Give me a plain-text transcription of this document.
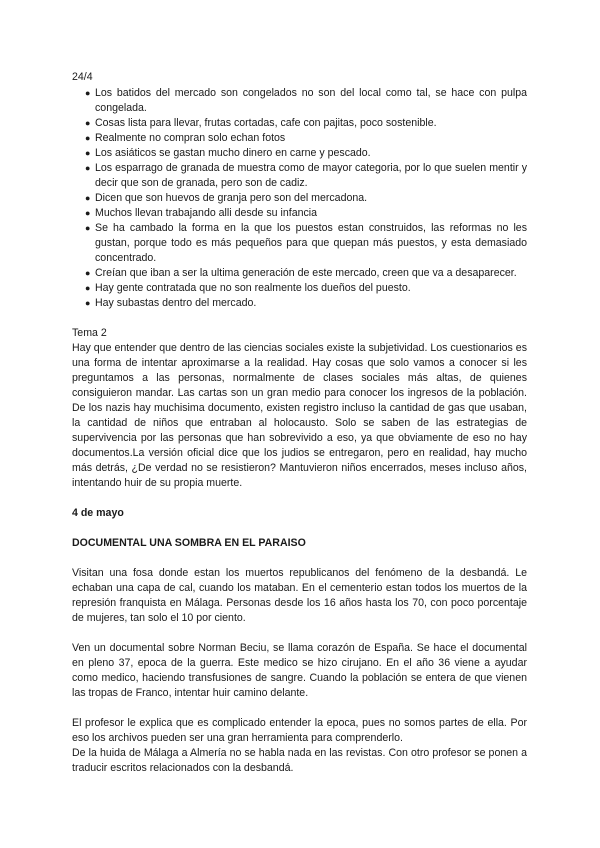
24/4

● Los batidos del mercado son congelados no son del local como tal, se hace con pulpa congelada.
● Cosas lista para llevar, frutas cortadas, cafe con pajitas, poco sostenible.
● Realmente no compran solo echan fotos
● Los asiáticos se gastan mucho dinero en carne y pescado.
● Los esparrago de granada de muestra como de mayor categoria, por lo que suelen mentir y decir que son de granada, pero son de cadiz.
● Dicen que son huevos de granja pero son del mercadona.
● Muchos llevan trabajando alli desde su infancia
● Se ha cambado la forma en la que los puestos estan construidos, las reformas no les gustan, porque todo es más pequeños para que quepan más puestos, y esta demasiado concentrado.
● Creían que iban a ser la ultima generación de este mercado, creen que va a desaparecer.
● Hay gente contratada que no son realmente los dueños del puesto.
● Hay subastas dentro del mercado.

Tema 2

Hay que entender que dentro de las ciencias sociales existe la subjetividad. Los cuestionarios es una forma de intentar aproximarse a la realidad. Hay cosas que solo vamos a conocer si les preguntamos a las personas, normalmente de clases sociales más altas, de quienes consiguieron mandar. Las cartas son un gran medio para conocer los ingresos de la población. De los nazis hay muchisima documento, existen registro incluso la cantidad de gas que usaban, la cantidad de niños que entraban al holocausto. Solo se saben de las estrategias de supervivencia por las personas que han sobrevivido a eso, ya que obviamente de eso no hay documentos.La versión oficial dice que los judios se entregaron, pero en realidad, hay mucho más detrás, ¿De verdad no se resistieron? Mantuvieron niños encerrados, meses incluso años, intentando huir de su propia muerte.

4 de mayo

DOCUMENTAL UNA SOMBRA EN EL PARAISO

Visitan una fosa donde estan los muertos republicanos del fenómeno de la desbandá. Le echaban una capa de cal, cuando los mataban. En el cementerio estan todos los muertos de la represión franquista en Málaga. Personas desde los 16 años hasta los 70, con poco porcentaje de mujeres, tan solo el 10 por ciento.

Ven un documental sobre Norman Beciu, se llama corazón de España. Se hace el documental en pleno 37, epoca de la guerra. Este medico se hizo cirujano. En el año 36 viene a ayudar como medico, haciendo transfusiones de sangre. Cuando la población se entera de que vienen las tropas de Franco, intentar huir camino delante.

El profesor le explica que es complicado entender la epoca, pues no somos partes de ella. Por eso los archivos pueden ser una gran herramienta para comprenderlo.

De la huida de Málaga a Almería no se habla nada en las revistas. Con otro profesor se ponen a traducir escritos relacionados con la desbandá.
